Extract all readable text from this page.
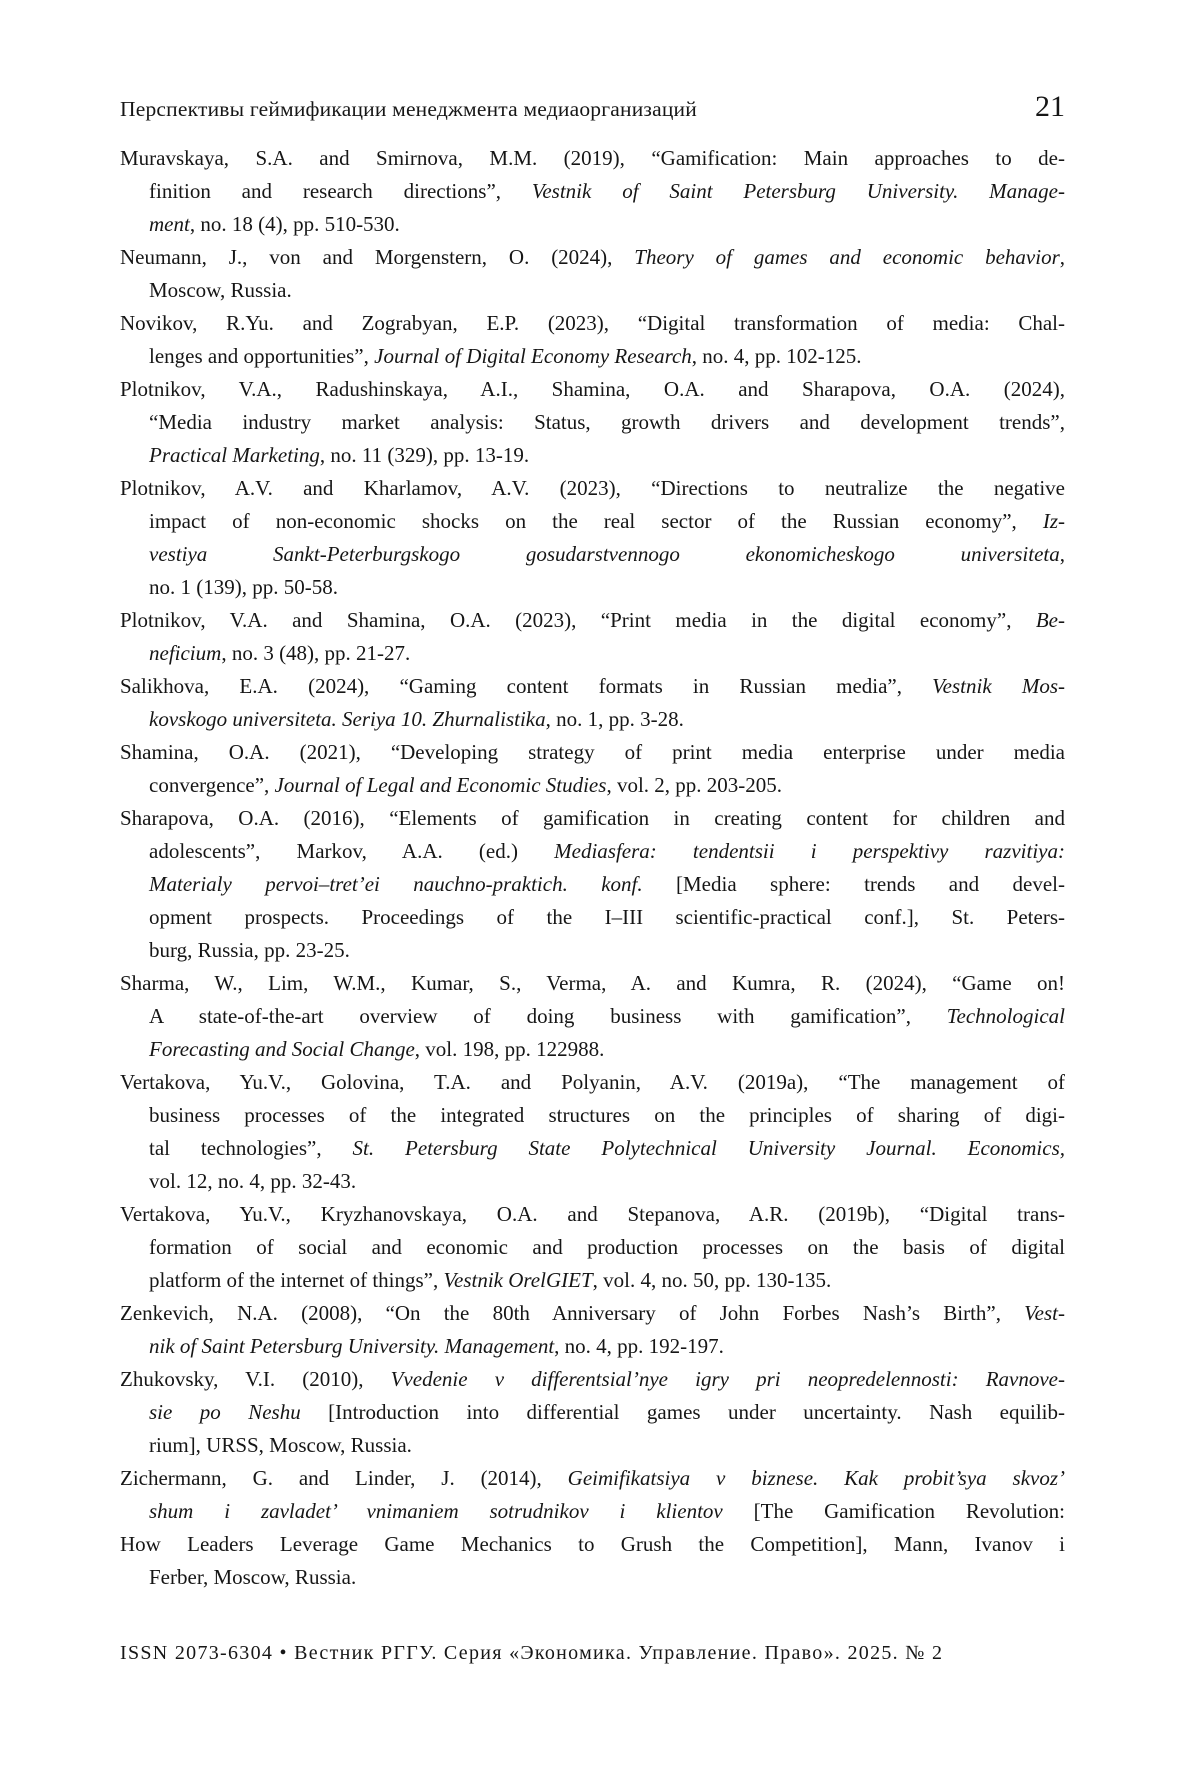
Перспективы геймификации менеджмента медиаорганизаций	21
Muravskaya, S.A. and Smirnova, M.M. (2019), “Gamification: Main approaches to de-
finition and research directions”, Vestnik of Saint Petersburg University. Manage-
ment, no. 18 (4), pp. 510-530.
Neumann, J., von and Morgenstern, O. (2024), Theory of games and economic behavior,
Moscow, Russia.
Novikov, R.Yu. and Zograbyan, E.P. (2023), “Digital transformation of media: Chal-
lenges and opportunities”, Journal of Digital Economy Research, no. 4, pp. 102-125.
Plotnikov, V.A., Radushinskaya, A.I., Shamina, O.A. and Sharapova, O.A. (2024),
“Media industry market analysis: Status, growth drivers and development trends”,
Practical Marketing, no. 11 (329), pp. 13-19.
Plotnikov, A.V. and Kharlamov, A.V. (2023), “Directions to neutralize the negative
impact of non-economic shocks on the real sector of the Russian economy”, Iz-
vestiya Sankt-Peterburgskogo gosudarstvennogo ekonomicheskogo universiteta,
no. 1 (139), pp. 50-58.
Plotnikov, V.A. and Shamina, O.A. (2023), “Print media in the digital economy”, Be-
neficium, no. 3 (48), pp. 21-27.
Salikhova, E.A. (2024), “Gaming content formats in Russian media”, Vestnik Mos-
kovskogo universiteta. Seriya 10. Zhurnalistika, no. 1, pp. 3-28.
Shamina, O.A. (2021), “Developing strategy of print media enterprise under media
convergence”, Journal of Legal and Economic Studies, vol. 2, pp. 203-205.
Sharapova, O.A. (2016), “Elements of gamification in creating content for children and
adolescents”, Markov, A.A. (ed.) Mediasfera: tendentsii i perspektivy razvitiya:
Materialy pervoi–tret’ei nauchno-praktich. konf. [Media sphere: trends and devel-
opment prospects. Proceedings of the I–III scientific-practical conf.], St. Peters-
burg, Russia, pp. 23-25.
Sharma, W., Lim, W.M., Kumar, S., Verma, A. and Kumra, R. (2024), “Game on!
A state-of-the-art overview of doing business with gamification”, Technological
Forecasting and Social Change, vol. 198, pp. 122988.
Vertakova, Yu.V., Golovina, T.A. and Polyanin, A.V. (2019a), “The management of
business processes of the integrated structures on the principles of sharing of digi-
tal technologies”, St. Petersburg State Polytechnical University Journal. Economics,
vol. 12, no. 4, pp. 32-43.
Vertakova, Yu.V., Kryzhanovskaya, O.A. and Stepanova, A.R. (2019b), “Digital trans-
formation of social and economic and production processes on the basis of digital
platform of the internet of things”, Vestnik OrelGIET, vol. 4, no. 50, pp. 130-135.
Zenkevich, N.A. (2008), “On the 80th Anniversary of John Forbes Nash’s Birth”, Vest-
nik of Saint Petersburg University. Management, no. 4, pp. 192-197.
Zhukovsky, V.I. (2010), Vvedenie v differentsial’nye igry pri neopredelennosti: Ravnove-
sie po Neshu [Introduction into differential games under uncertainty. Nash equilib-
rium], URSS, Moscow, Russia.
Zichermann, G. and Linder, J. (2014), Geimifikatsiya v biznese. Kak probit’sya skvoz’
shum i zavladet’ vnimaniem sotrudnikov i klientov [The Gamification Revolution:
How Leaders Leverage Game Mechanics to Grush the Competition], Mann, Ivanov i
Ferber, Moscow, Russia.
ISSN 2073-6304 • Вестник РГГУ. Серия «Экономика. Управление. Право». 2025. № 2
